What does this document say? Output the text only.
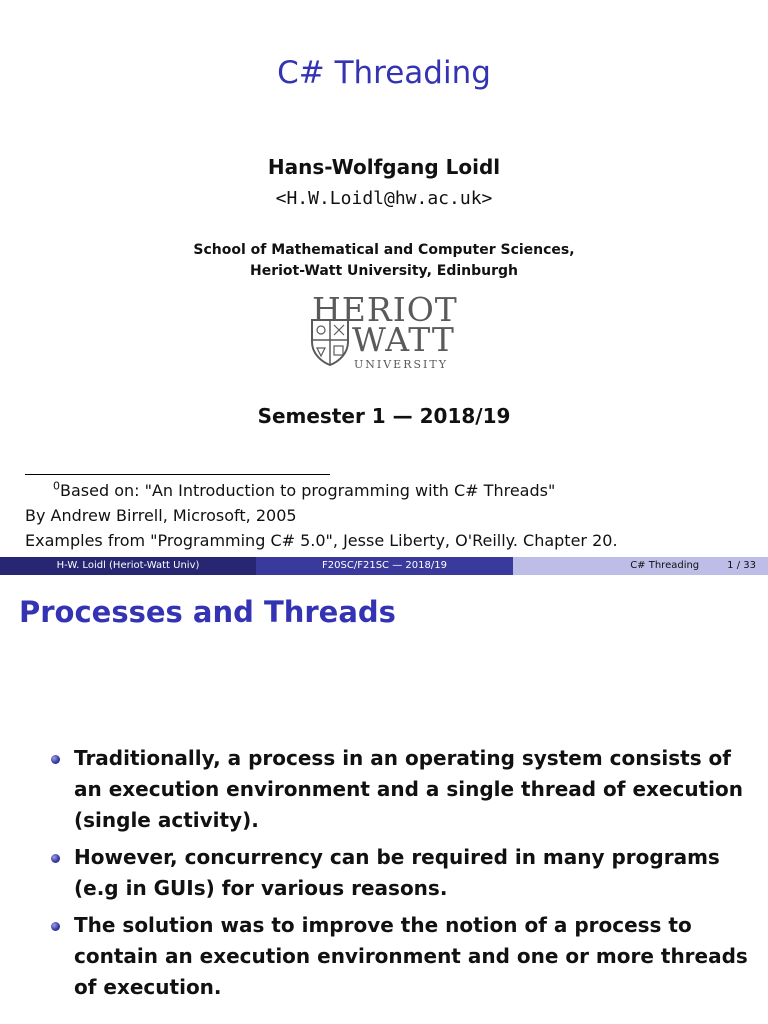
C# Threading
Hans-Wolfgang Loidl
<H.W.Loidl@hw.ac.uk>
School of Mathematical and Computer Sciences,
Heriot-Watt University, Edinburgh
HERIOT
WATT
UNIVERSITY
Semester 1 — 2018/19
$^0$Based on: "An Introduction to programming with C# Threads"
By Andrew Birrell, Microsoft, 2005
Examples from "Programming C# 5.0", Jesse Liberty, O'Reilly. Chapter 20.
H-W. Loidl (Heriot-Watt Univ)	F20SC/F21SC — 2018/19	C# Threading	1 / 33
Processes and Threads
Traditionally, a process in an operating system consists of an execution environment and a single thread of execution (single activity).
However, concurrency can be required in many programs (e.g in GUIs) for various reasons.
The solution was to improve the notion of a process to contain an execution environment and one or more threads of execution.
